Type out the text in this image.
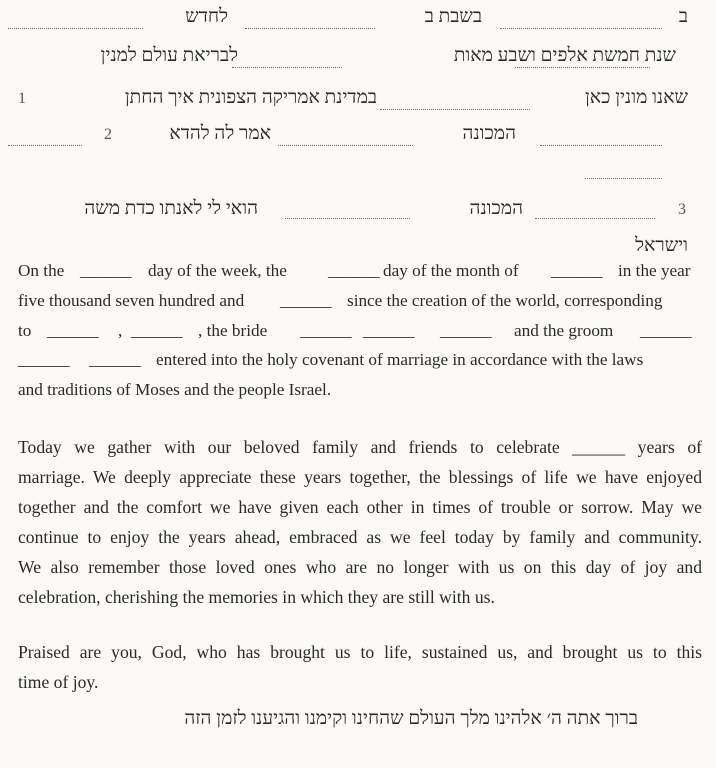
ב
בשבת ב
לחדש
שנת חמשת אלפים ושבע מאות
לבריאת עולם למנין
שאנו מונין כאן
במדינת אמריקה הצפונית איך החתן
1
המכונה
אמר לה להדא
2
3
המכונה
הואי לי לאנתו כדת משה
וישראל
On the ______ day of the week, the ______ day of the month of ______ in the year
five thousand seven hundred and ______ since the creation of the world, corresponding
to ______ , ______ , the bride ______ ______ ______ and the groom ______
______ ______ entered into the holy covenant of marriage in accordance with the laws
and traditions of Moses and the people Israel.
Today we gather with our beloved family and friends to celebrate ______ years of
marriage. We deeply appreciate these years together, the blessings of life we have enjoyed
together and the comfort we have given each other in times of trouble or sorrow. May we
continue to enjoy the years ahead, embraced as we feel today by family and community.
We also remember those loved ones who are no longer with us on this day of joy and
celebration, cherishing the memories in which they are still with us.
Praised are you, God, who has brought us to life, sustained us, and brought us to this
time of joy.
ברוך אתה ה׳ אלהינו מלך העולם שהחינו וקימנו והגיענו לזמן הזה
